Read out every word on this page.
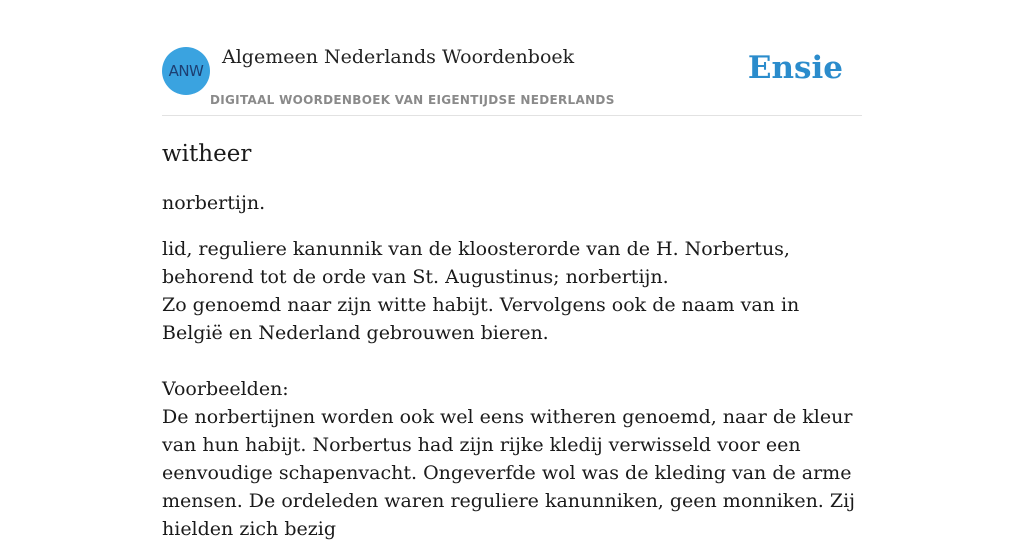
ANW
Algemeen Nederlands Woordenboek
DIGITAAL WOORDENBOEK VAN EIGENTIJDSE NEDERLANDS
Ensie
witheer
norbertijn.

lid, reguliere kanunnik van de kloosterorde van de H. Norbertus, behorend tot de orde van St. Augustinus; norbertijn.

Zo genoemd naar zijn witte habijt. Vervolgens ook de naam van in België en Nederland gebrouwen bieren.

Voorbeelden:

De norbertijnen worden ook wel eens witheren genoemd, naar de kleur van hun habijt. Norbertus had zijn rijke kledij verwisseld voor een eenvoudige schapenvacht. Ongeverfde wol was de kleding van de arme mensen. De ordeleden waren reguliere kanunniken, geen monniken. Zij hielden zich bezig
